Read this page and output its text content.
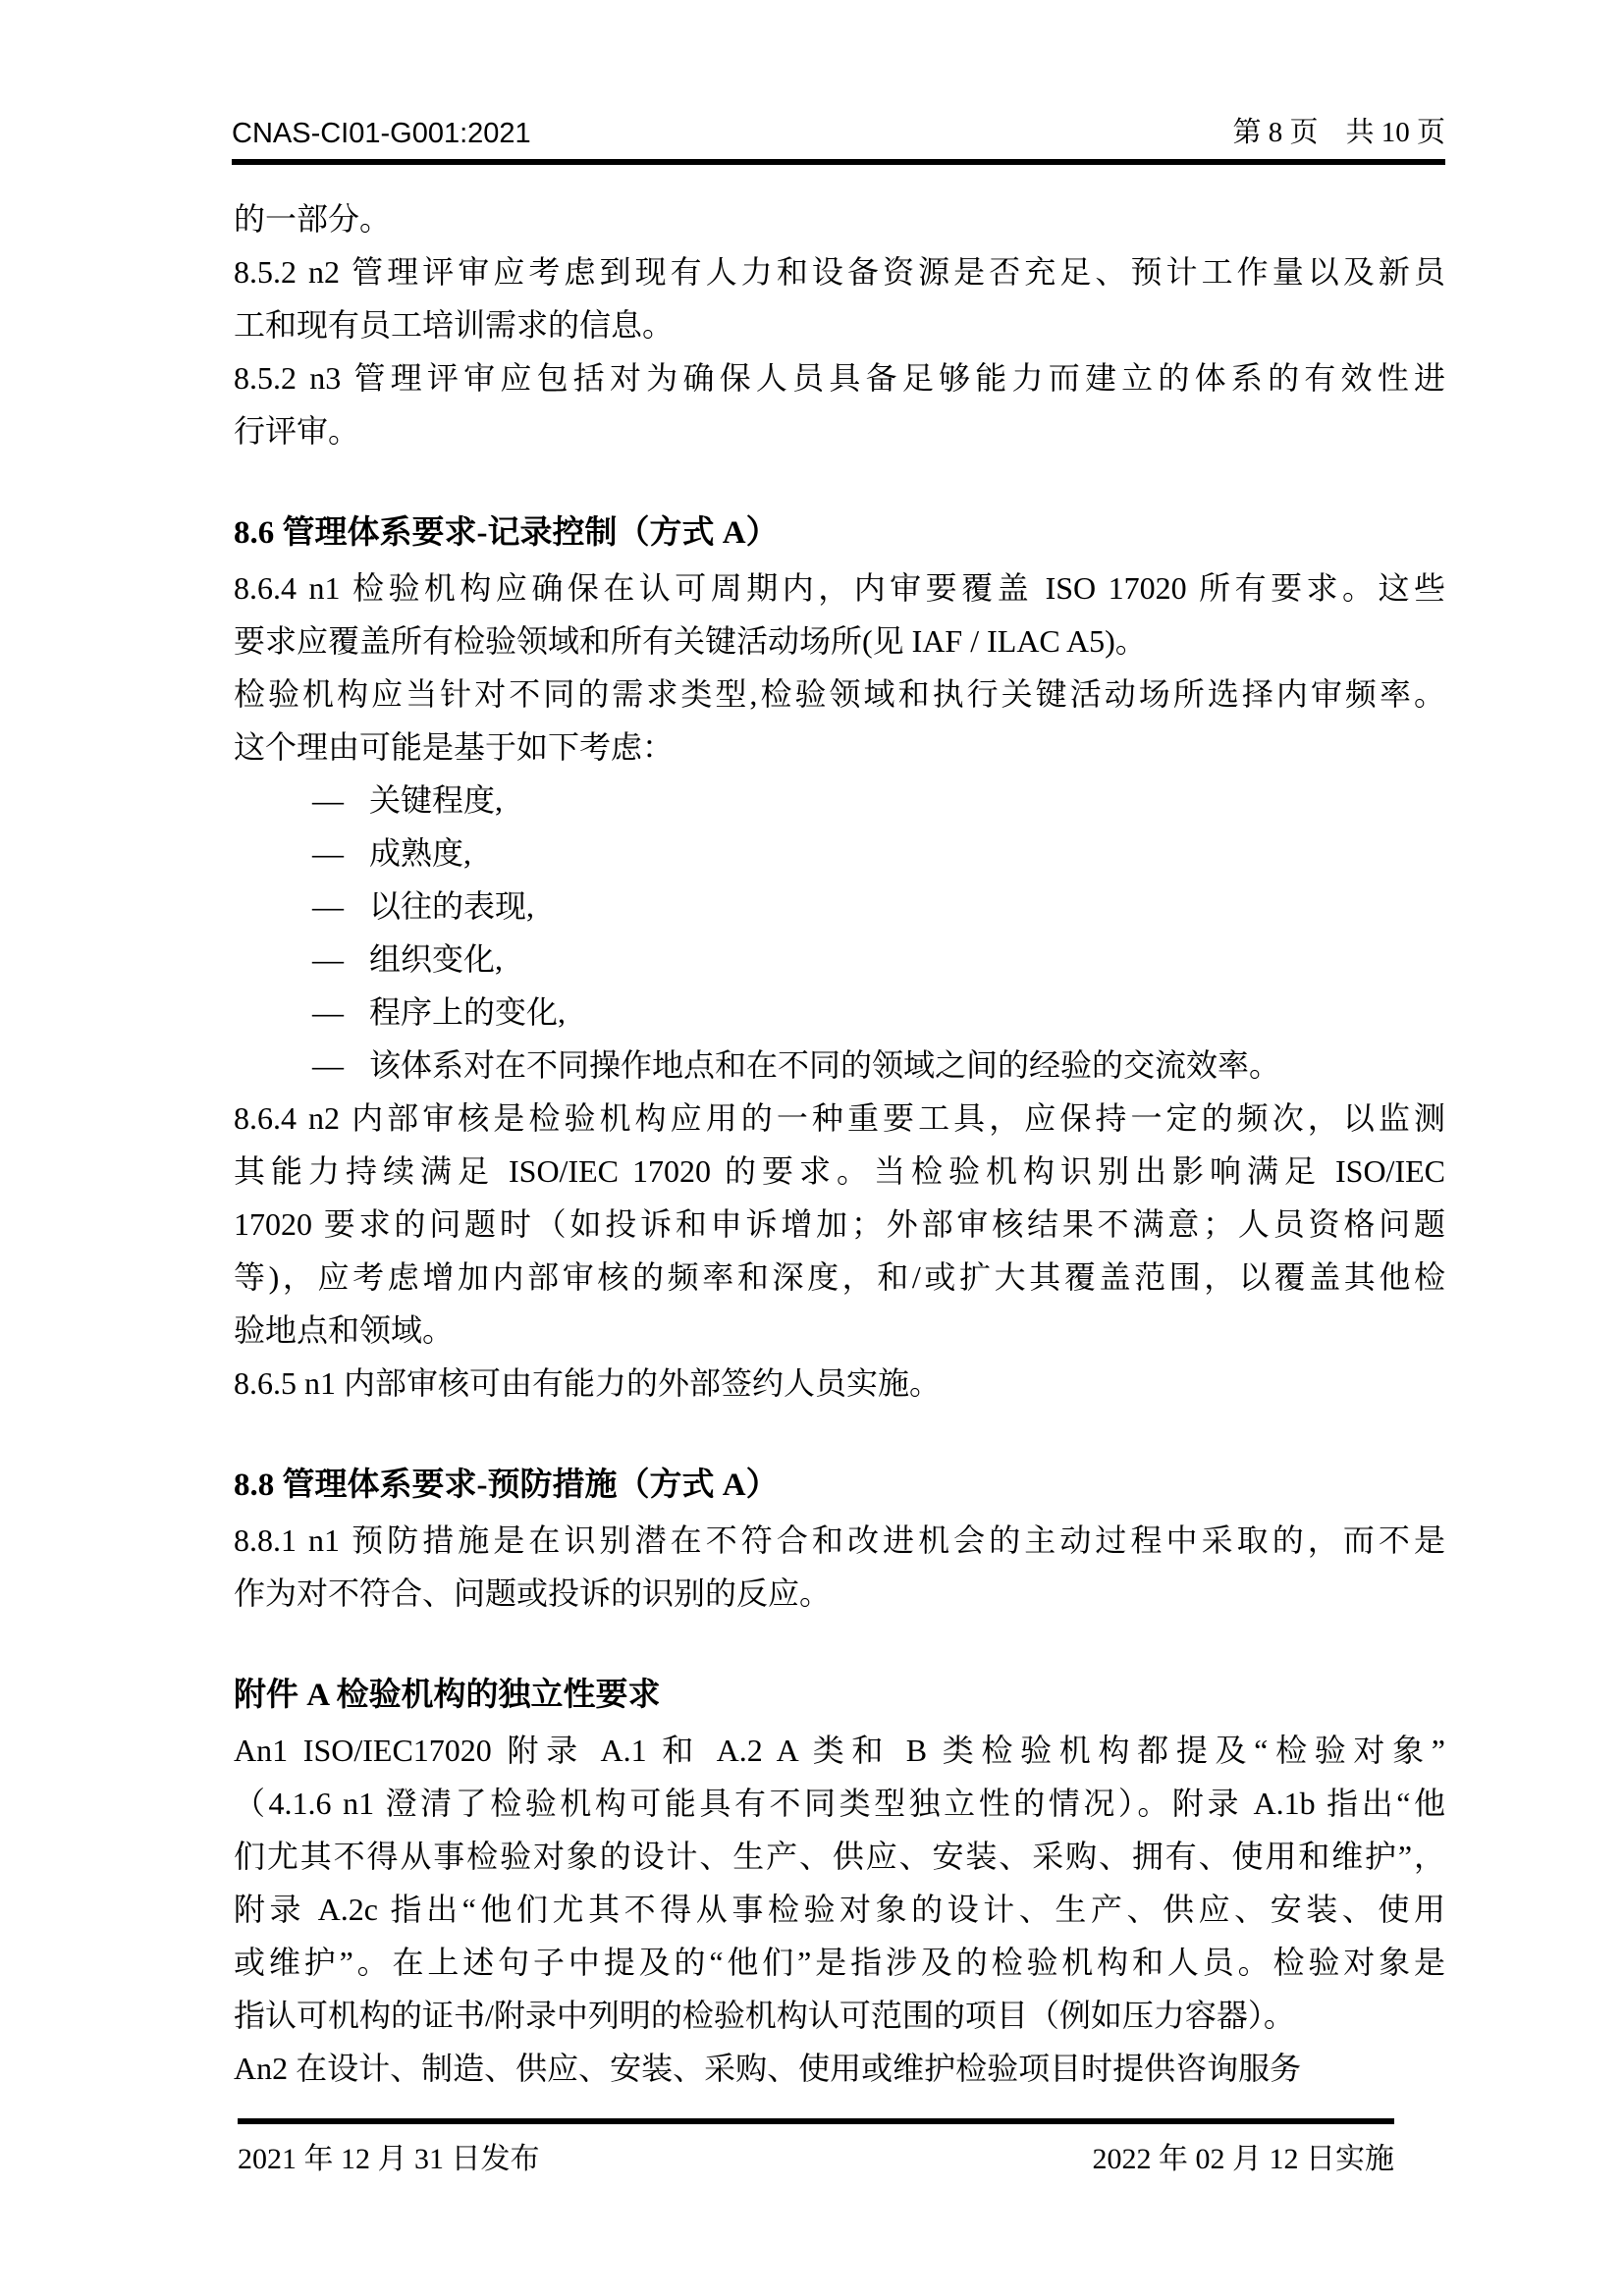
CNAS-CI01-G001:2021	第 8 页 共 10 页
的一部分。
8.5.2 n2 管理评审应考虑到现有人力和设备资源是否充足、预计工作量以及新员
工和现有员工培训需求的信息。
8.5.2 n3 管理评审应包括对为确保人员具备足够能力而建立的体系的有效性进
行评审。
8.6 管理体系要求-记录控制（方式 A）
8.6.4 n1 检验机构应确保在认可周期内，内审要覆盖 ISO 17020 所有要求。这些
要求应覆盖所有检验领域和所有关键活动场所(见 IAF / ILAC A5)。
检验机构应当针对不同的需求类型,检验领域和执行关键活动场所选择内审频率。
这个理由可能是基于如下考虑：
— 关键程度,
— 成熟度,
— 以往的表现,
— 组织变化,
— 程序上的变化,
— 该体系对在不同操作地点和在不同的领域之间的经验的交流效率。
8.6.4 n2 内部审核是检验机构应用的一种重要工具，应保持一定的频次，以监测
其能力持续满足 ISO/IEC 17020 的要求。当检验机构识别出影响满足 ISO/IEC
17020 要求的问题时（如投诉和申诉增加；外部审核结果不满意；人员资格问题
等)，应考虑增加内部审核的频率和深度，和/或扩大其覆盖范围，以覆盖其他检
验地点和领域。
8.6.5 n1 内部审核可由有能力的外部签约人员实施。
8.8 管理体系要求-预防措施（方式 A）
8.8.1 n1 预防措施是在识别潜在不符合和改进机会的主动过程中采取的，而不是
作为对不符合、问题或投诉的识别的反应。
附件 A 检验机构的独立性要求
An1 ISO/IEC17020 附录 A.1 和 A.2 A 类和 B 类检验机构都提及“检验对象”
（4.1.6 n1 澄清了检验机构可能具有不同类型独立性的情况）。附录 A.1b 指出“他
们尤其不得从事检验对象的设计、生产、供应、安装、采购、拥有、使用和维护”，
附录 A.2c 指出“他们尤其不得从事检验对象的设计、生产、供应、安装、使用
或维护”。在上述句子中提及的“他们”是指涉及的检验机构和人员。检验对象是
指认可机构的证书/附录中列明的检验机构认可范围的项目（例如压力容器）。
An2 在设计、制造、供应、安装、采购、使用或维护检验项目时提供咨询服务
2021 年 12 月 31 日发布	2022 年 02 月 12 日实施
